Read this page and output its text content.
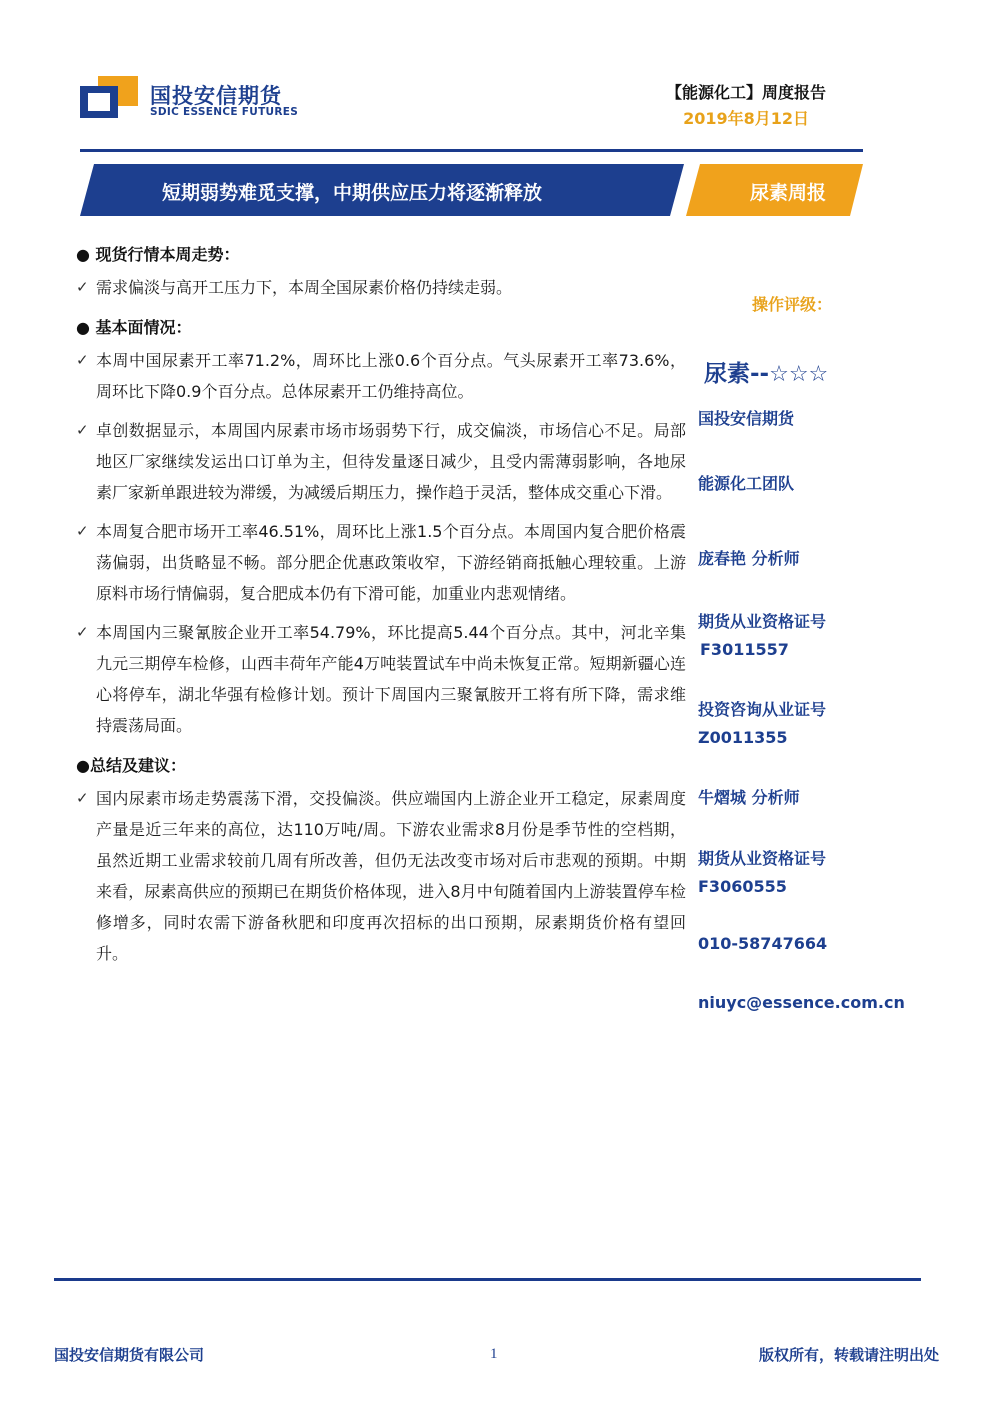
国投安信期货
SDIC ESSENCE FUTURES
【能源化工】周度报告
2019年8月12日
短期弱势难觅支撑，中期供应压力将逐渐释放	尿素周报
● 现货行情本周走势：
✓ 需求偏淡与高开工压力下，本周全国尿素价格仍持续走弱。
● 基本面情况：
✓ 本周中国尿素开工率71.2%，周环比上涨0.6个百分点。气头尿素开工率73.6%，周环比下降0.9个百分点。总体尿素开工仍维持高位。
✓ 卓创数据显示，本周国内尿素市场市场弱势下行，成交偏淡，市场信心不足。局部地区厂家继续发运出口订单为主，但待发量逐日减少，且受内需薄弱影响，各地尿素厂家新单跟进较为滞缓，为减缓后期压力，操作趋于灵活，整体成交重心下滑。
✓ 本周复合肥市场开工率46.51%，周环比上涨1.5个百分点。本周国内复合肥价格震荡偏弱，出货略显不畅。部分肥企优惠政策收窄，下游经销商抵触心理较重。上游原料市场行情偏弱，复合肥成本仍有下滑可能，加重业内悲观情绪。
✓ 本周国内三聚氰胺企业开工率54.79%，环比提高5.44个百分点。其中，河北辛集九元三期停车检修，山西丰荷年产能4万吨装置试车中尚未恢复正常。短期新疆心连心将停车，湖北华强有检修计划。预计下周国内三聚氰胺开工将有所下降，需求维持震荡局面。
●总结及建议：
✓ 国内尿素市场走势震荡下滑，交投偏淡。供应端国内上游企业开工稳定，尿素周度产量是近三年来的高位，达110万吨/周。下游农业需求8月份是季节性的空档期，虽然近期工业需求较前几周有所改善，但仍无法改变市场对后市悲观的预期。中期来看，尿素高供应的预期已在期货价格体现，进入8月中旬随着国内上游装置停车检修增多，同时农需下游备秋肥和印度再次招标的出口预期，尿素期货价格有望回升。
操作评级：
尿素--☆☆☆
国投安信期货
能源化工团队
庞春艳 分析师
期货从业资格证号
F3011557
投资咨询从业证号
Z0011355
牛熠城 分析师
期货从业资格证号
F3060555
010-58747664
niuyc@essence.com.cn
国投安信期货有限公司	1	版权所有，转载请注明出处
